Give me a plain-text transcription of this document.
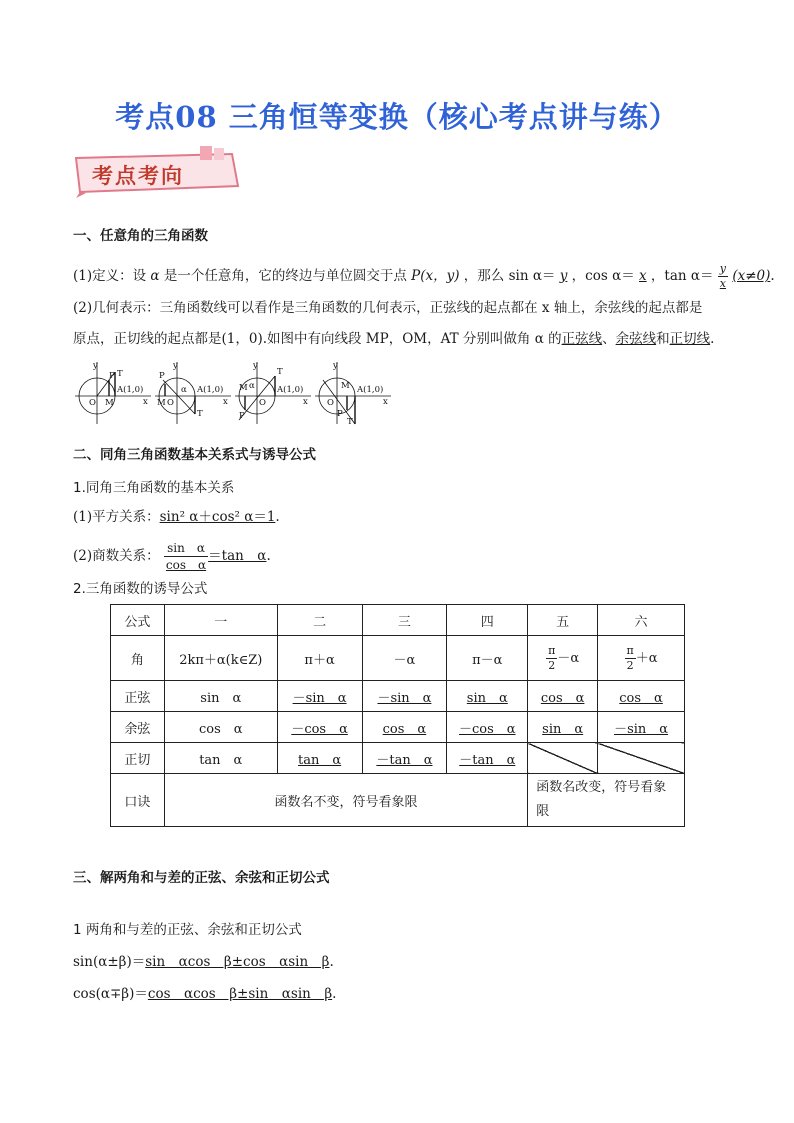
考点08 三角恒等变换（核心考点讲与练）
考点考向
一、任意角的三角函数
(1)定义：设 α 是一个任意角，它的终边与单位圆交于点 P(x，y) ，那么 sin α＝ y ，cos α＝ x ，$\tan \alpha= \frac{y}{x} (x\ne 0)$.
(2)几何表示：三角函数线可以看作是三角函数的几何表示，正弦线的起点都在 x 轴上，余弦线的起点都是
原点，正切线的起点都是(1，0).如图中有向线段 MP，OM，AT 分别叫做角 α 的正弦线、余弦线和正切线.
y
P T
A(1,0)
O M	x
y
P
α A(1,0)
M O
T
x
y
M α
T
A(1,0)
O
P
x
y
M A(1,0)
O
P
T
x
二、同角三角函数基本关系式与诱导公式
1.同角三角函数的基本关系
(1)平方关系：sin² α＋cos² α＝1.
(2)商数关系： $\frac{\text{sin　α}}{\text{cos　α}} =\tan$　α.
2.三角函数的诱导公式
公式	一	二	三	四	五	六
角	2kπ＋α(k∈Z)	π＋α	－α	π－α	$\frac{\pi}{2} -\alpha$	$\frac{\pi}{2} +\alpha$
正弦	sin　α	－sin　α	－sin　α	sin　α	cos　α	cos　α
余弦	cos　α	－cos　α	cos　α	－cos　α	sin　α	－sin　α
正切	tan　α	tan　α	－tan　α	－tan　α		
口诀	函数名不变，符号看象限				函数名改变，符号看象限	
三、解两角和与差的正弦、余弦和正切公式
1 两角和与差的正弦、余弦和正切公式
sin(α±β)＝sin　αcos　β±cos　αsin　β.
cos(α∓β)＝cos　αcos　β±sin　αsin　β.
